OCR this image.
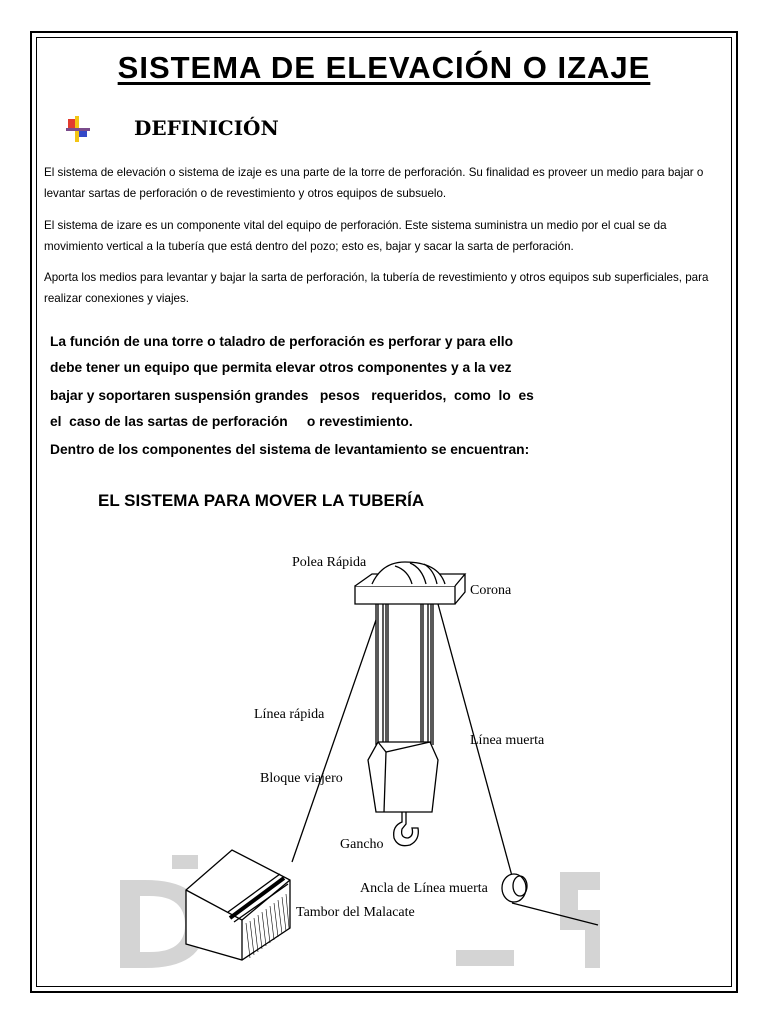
SISTEMA DE ELEVACIÓN O IZAJE
DEFINICIÓN
El sistema de elevación o sistema de izaje es una parte de la torre de perforación. Su finalidad es proveer un medio para bajar o levantar sartas de perforación o de revestimiento y otros equipos de subsuelo.
El sistema de izare es un componente vital del equipo de perforación. Este sistema suministra un medio por el cual se da movimiento vertical a la tubería que está dentro del pozo; esto es, bajar y sacar la sarta de perforación.
Aporta los medios para levantar y bajar la sarta de perforación, la tubería de revestimiento y otros equipos sub superficiales, para realizar conexiones y viajes.
La función de una torre o taladro de perforación es perforar y para ello
debe tener un equipo que permita elevar otros componentes y a la vez
bajar y soportaren suspensión grandes   pesos   requeridos,  como  lo  es
el  caso de las sartas de perforación     o revestimiento.
Dentro de los componentes del sistema de levantamiento se encuentran:
EL SISTEMA PARA MOVER LA TUBERÍA
Polea Rápida
Corona
Línea rápida
Línea muerta
Bloque viajero
Gancho
Ancla de Línea muerta
Tambor del Malacate
